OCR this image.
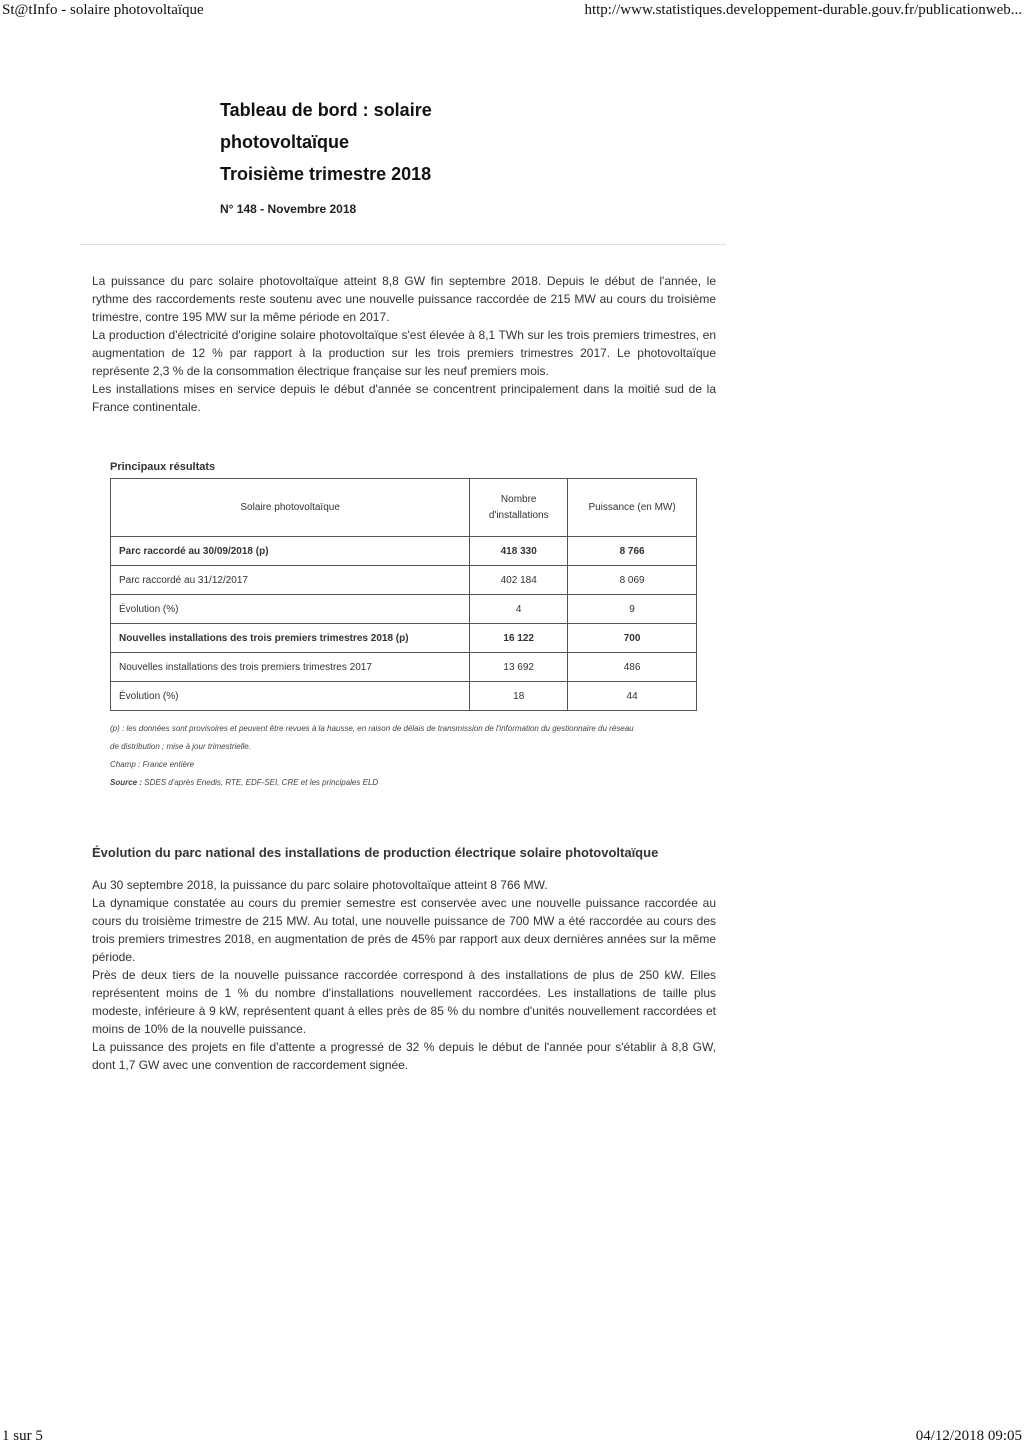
St@tInfo - solaire photovoltaïque	http://www.statistiques.developpement-durable.gouv.fr/publicationweb...
Tableau de bord : solaire
photovoltaïque
Troisième trimestre 2018
N° 148 - Novembre 2018

La puissance du parc solaire photovoltaïque atteint 8,8 GW fin septembre 2018. Depuis le début de l'année, le rythme des raccordements reste soutenu avec une nouvelle puissance raccordée de 215 MW au cours du troisième trimestre, contre 195 MW sur la même période en 2017.

La production d'électricité d'origine solaire photovoltaïque s'est élevée à 8,1 TWh sur les trois premiers trimestres, en augmentation de 12 % par rapport à la production sur les trois premiers trimestres 2017. Le photovoltaïque représente 2,3 % de la consommation électrique française sur les neuf premiers mois.

Les installations mises en service depuis le début d'année se concentrent principalement dans la moitié sud de la France continentale.

Principaux résultats
Solaire photovoltaïque	Nombre d'installations	Puissance (en MW)
Parc raccordé au 30/09/2018 (p)	418 330	8 766
Parc raccordé au 31/12/2017	402 184	8 069
Évolution (%)	4	9
Nouvelles installations des trois premiers trimestres 2018 (p)	16 122	700
Nouvelles installations des trois premiers trimestres 2017	13 692	486
Évolution (%)	18	44

(p) : les données sont provisoires et peuvent être revues à la hausse, en raison de délais de transmission de l'information du gestionnaire du réseau

de distribution ; mise à jour trimestrielle.

Champ : France entière

Source : SDES d'après Enedis, RTE, EDF-SEI, CRE et les principales ELD

Évolution du parc national des installations de production électrique solaire photovoltaïque

Au 30 septembre 2018, la puissance du parc solaire photovoltaïque atteint 8 766 MW.

La dynamique constatée au cours du premier semestre est conservée avec une nouvelle puissance raccordée au cours du troisième trimestre de 215 MW. Au total, une nouvelle puissance de 700 MW a été raccordée au cours des trois premiers trimestres 2018, en augmentation de près de 45% par rapport aux deux dernières années sur la même période.

Près de deux tiers de la nouvelle puissance raccordée correspond à des installations de plus de 250 kW. Elles représentent moins de 1 % du nombre d'installations nouvellement raccordées. Les installations de taille plus modeste, inférieure à 9 kW, représentent quant à elles près de 85 % du nombre d'unités nouvellement raccordées et moins de 10% de la nouvelle puissance.

La puissance des projets en file d'attente a progressé de 32 % depuis le début de l'année pour s'établir à 8,8 GW, dont 1,7 GW avec une convention de raccordement signée.

1 sur 5	04/12/2018 09:05
